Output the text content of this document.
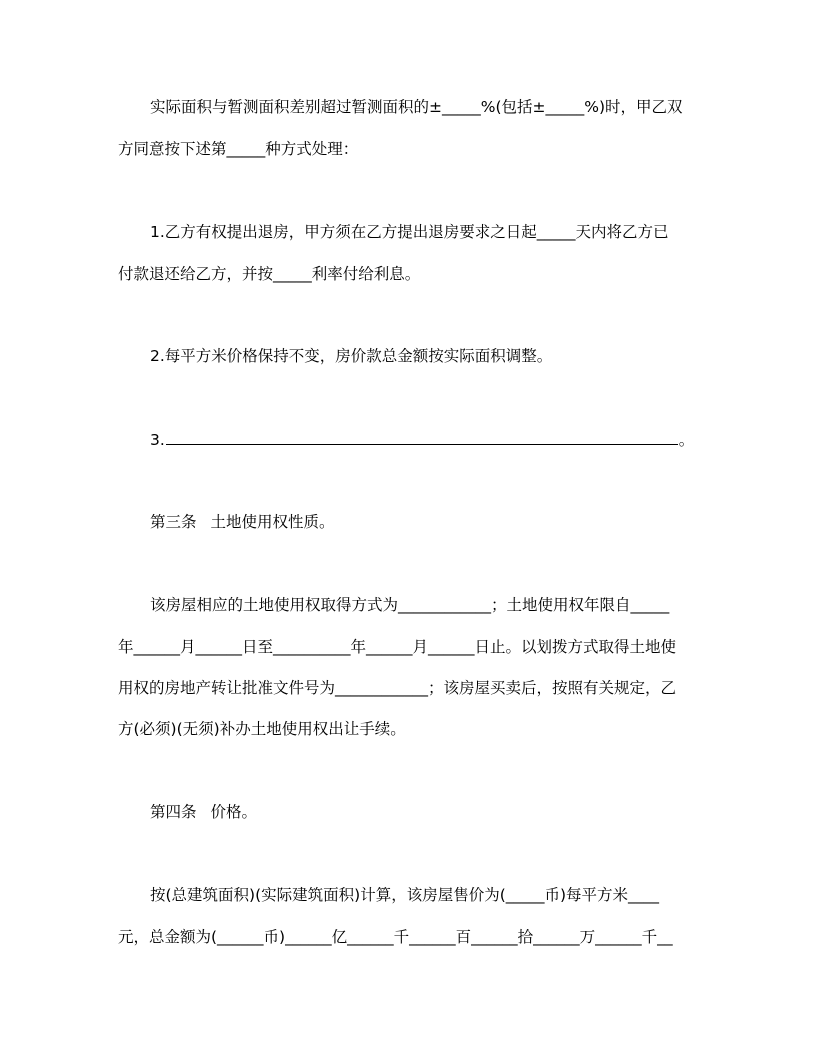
实际面积与暂测面积差别超过暂测面积的±_____%(包括±_____%)时，甲乙双
方同意按下述第_____种方式处理：
1.乙方有权提出退房，甲方须在乙方提出退房要求之日起_____天内将乙方已
付款退还给乙方，并按_____利率付给利息。
2.每平方米价格保持不变，房价款总金额按实际面积调整。
3.	。
第三条 土地使用权性质。
该房屋相应的土地使用权取得方式为____________；土地使用权年限自_____
年______月______日至__________年______月______日止。以划拨方式取得土地使
用权的房地产转让批准文件号为____________；该房屋买卖后，按照有关规定，乙
方(必须)(无须)补办土地使用权出让手续。
第四条 价格。
按(总建筑面积)(实际建筑面积)计算，该房屋售价为(_____币)每平方米____
元，总金额为(______币)______亿______千______百______拾______万______千__
